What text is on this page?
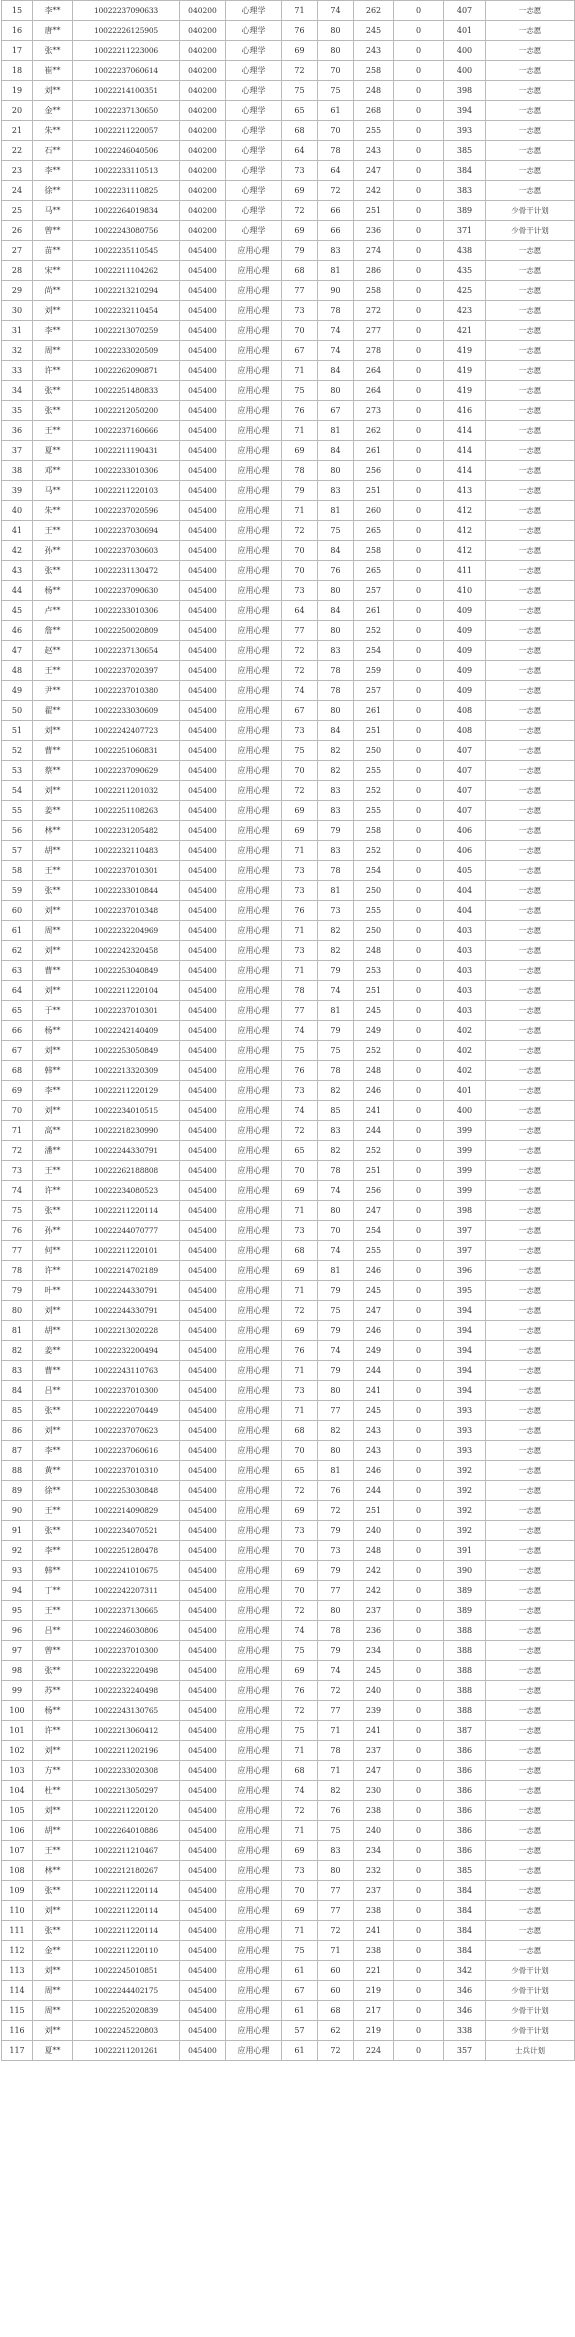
15	李**	10022237090633	040200	心理学	71	74	262	0	407	一志愿
16	唐**	10022226125905	040200	心理学	76	80	245	0	401	一志愿
17	张**	10022211223006	040200	心理学	69	80	243	0	400	一志愿
18	崔**	10022237060614	040200	心理学	72	70	258	0	400	一志愿
19	刘**	10022214100351	040200	心理学	75	75	248	0	398	一志愿
20	金**	10022237130650	040200	心理学	65	61	268	0	394	一志愿
21	朱**	10022211220057	040200	心理学	68	70	255	0	393	一志愿
22	石**	10022246040506	040200	心理学	64	78	243	0	385	一志愿
23	李**	10022233110513	040200	心理学	73	64	247	0	384	一志愿
24	徐**	10022231110825	040200	心理学	69	72	242	0	383	一志愿
25	马**	10022264019834	040200	心理学	72	66	251	0	389	少骨干计划
26	曾**	10022243080756	040200	心理学	69	66	236	0	371	少骨干计划
27	苗**	10022235110545	045400	应用心理	79	83	274	0	438	一志愿
28	宋**	10022211104262	045400	应用心理	68	81	286	0	435	一志愿
29	尚**	10022213210294	045400	应用心理	77	90	258	0	425	一志愿
30	刘**	10022232110454	045400	应用心理	73	78	272	0	423	一志愿
31	李**	10022213070259	045400	应用心理	70	74	277	0	421	一志愿
32	周**	10022233020509	045400	应用心理	67	74	278	0	419	一志愿
33	许**	10022262090871	045400	应用心理	71	84	264	0	419	一志愿
34	张**	10022251480833	045400	应用心理	75	80	264	0	419	一志愿
35	张**	10022212050200	045400	应用心理	76	67	273	0	416	一志愿
36	王**	10022237160666	045400	应用心理	71	81	262	0	414	一志愿
37	夏**	10022211190431	045400	应用心理	69	84	261	0	414	一志愿
38	邓**	10022233010306	045400	应用心理	78	80	256	0	414	一志愿
39	马**	10022211220103	045400	应用心理	79	83	251	0	413	一志愿
40	朱**	10022237020596	045400	应用心理	71	81	260	0	412	一志愿
41	王**	10022237030694	045400	应用心理	72	75	265	0	412	一志愿
42	孙**	10022237030603	045400	应用心理	70	84	258	0	412	一志愿
43	张**	10022231130472	045400	应用心理	70	76	265	0	411	一志愿
44	杨**	10022237090630	045400	应用心理	73	80	257	0	410	一志愿
45	卢**	10022233010306	045400	应用心理	64	84	261	0	409	一志愿
46	詹**	10022250020809	045400	应用心理	77	80	252	0	409	一志愿
47	赵**	10022237130654	045400	应用心理	72	83	254	0	409	一志愿
48	王**	10022237020397	045400	应用心理	72	78	259	0	409	一志愿
49	尹**	10022237010380	045400	应用心理	74	78	257	0	409	一志愿
50	翟**	10022233030609	045400	应用心理	67	80	261	0	408	一志愿
51	刘**	10022242407723	045400	应用心理	73	84	251	0	408	一志愿
52	曹**	10022251060831	045400	应用心理	75	82	250	0	407	一志愿
53	蔡**	10022237090629	045400	应用心理	70	82	255	0	407	一志愿
54	刘**	10022211201032	045400	应用心理	72	83	252	0	407	一志愿
55	姜**	10022251108263	045400	应用心理	69	83	255	0	407	一志愿
56	林**	10022231205482	045400	应用心理	69	79	258	0	406	一志愿
57	胡**	10022232110483	045400	应用心理	71	83	252	0	406	一志愿
58	王**	10022237010301	045400	应用心理	73	78	254	0	405	一志愿
59	张**	10022233010844	045400	应用心理	73	81	250	0	404	一志愿
60	刘**	10022237010348	045400	应用心理	76	73	255	0	404	一志愿
61	周**	10022232204969	045400	应用心理	71	82	250	0	403	一志愿
62	刘**	10022242320458	045400	应用心理	73	82	248	0	403	一志愿
63	曹**	10022253040849	045400	应用心理	71	79	253	0	403	一志愿
64	刘**	10022211220104	045400	应用心理	78	74	251	0	403	一志愿
65	于**	10022237010301	045400	应用心理	77	81	245	0	403	一志愿
66	杨**	10022242140409	045400	应用心理	74	79	249	0	402	一志愿
67	刘**	10022253050849	045400	应用心理	75	75	252	0	402	一志愿
68	韩**	10022213320309	045400	应用心理	76	78	248	0	402	一志愿
69	李**	10022211220129	045400	应用心理	73	82	246	0	401	一志愿
70	刘**	10022234010515	045400	应用心理	74	85	241	0	400	一志愿
71	高**	10022218230990	045400	应用心理	72	83	244	0	399	一志愿
72	潘**	10022244330791	045400	应用心理	65	82	252	0	399	一志愿
73	王**	10022262188808	045400	应用心理	70	78	251	0	399	一志愿
74	许**	10022234080523	045400	应用心理	69	74	256	0	399	一志愿
75	张**	10022211220114	045400	应用心理	71	80	247	0	398	一志愿
76	孙**	10022244070777	045400	应用心理	73	70	254	0	397	一志愿
77	何**	10022211220101	045400	应用心理	68	74	255	0	397	一志愿
78	许**	10022214702189	045400	应用心理	69	81	246	0	396	一志愿
79	叶**	10022244330791	045400	应用心理	71	79	245	0	395	一志愿
80	刘**	10022244330791	045400	应用心理	72	75	247	0	394	一志愿
81	胡**	10022213020228	045400	应用心理	69	79	246	0	394	一志愿
82	姜**	10022232200494	045400	应用心理	76	74	249	0	394	一志愿
83	曹**	10022243110763	045400	应用心理	71	79	244	0	394	一志愿
84	吕**	10022237010300	045400	应用心理	73	80	241	0	394	一志愿
85	张**	10022222070449	045400	应用心理	71	77	245	0	393	一志愿
86	刘**	10022237070623	045400	应用心理	68	82	243	0	393	一志愿
87	李**	10022237060616	045400	应用心理	70	80	243	0	393	一志愿
88	黄**	10022237010310	045400	应用心理	65	81	246	0	392	一志愿
89	徐**	10022253030848	045400	应用心理	72	76	244	0	392	一志愿
90	王**	10022214090829	045400	应用心理	69	72	251	0	392	一志愿
91	张**	10022234070521	045400	应用心理	73	79	240	0	392	一志愿
92	李**	10022251280478	045400	应用心理	70	73	248	0	391	一志愿
93	韩**	10022241010675	045400	应用心理	69	79	242	0	390	一志愿
94	丁**	10022242207311	045400	应用心理	70	77	242	0	389	一志愿
95	王**	10022237130665	045400	应用心理	72	80	237	0	389	一志愿
96	吕**	10022246030806	045400	应用心理	74	78	236	0	388	一志愿
97	曾**	10022237010300	045400	应用心理	75	79	234	0	388	一志愿
98	张**	10022232220498	045400	应用心理	69	74	245	0	388	一志愿
99	苏**	10022232240498	045400	应用心理	76	72	240	0	388	一志愿
100	杨**	10022243130765	045400	应用心理	72	77	239	0	388	一志愿
101	许**	10022213060412	045400	应用心理	75	71	241	0	387	一志愿
102	刘**	10022211202196	045400	应用心理	71	78	237	0	386	一志愿
103	方**	10022233020308	045400	应用心理	68	71	247	0	386	一志愿
104	杜**	10022213050297	045400	应用心理	74	82	230	0	386	一志愿
105	刘**	10022211220120	045400	应用心理	72	76	238	0	386	一志愿
106	胡**	10022264010886	045400	应用心理	71	75	240	0	386	一志愿
107	王**	10022211210467	045400	应用心理	69	83	234	0	386	一志愿
108	林**	10022212180267	045400	应用心理	73	80	232	0	385	一志愿
109	张**	10022211220114	045400	应用心理	70	77	237	0	384	一志愿
110	刘**	10022211220114	045400	应用心理	69	77	238	0	384	一志愿
111	张**	10022211220114	045400	应用心理	71	72	241	0	384	一志愿
112	金**	10022211220110	045400	应用心理	75	71	238	0	384	一志愿
113	刘**	10022245010851	045400	应用心理	61	60	221	0	342	少骨干计划
114	周**	10022244402175	045400	应用心理	67	60	219	0	346	少骨干计划
115	周**	10022252020839	045400	应用心理	61	68	217	0	346	少骨干计划
116	刘**	10022245220803	045400	应用心理	57	62	219	0	338	少骨干计划
117	夏**	10022211201261	045400	应用心理	61	72	224	0	357	士兵计划
